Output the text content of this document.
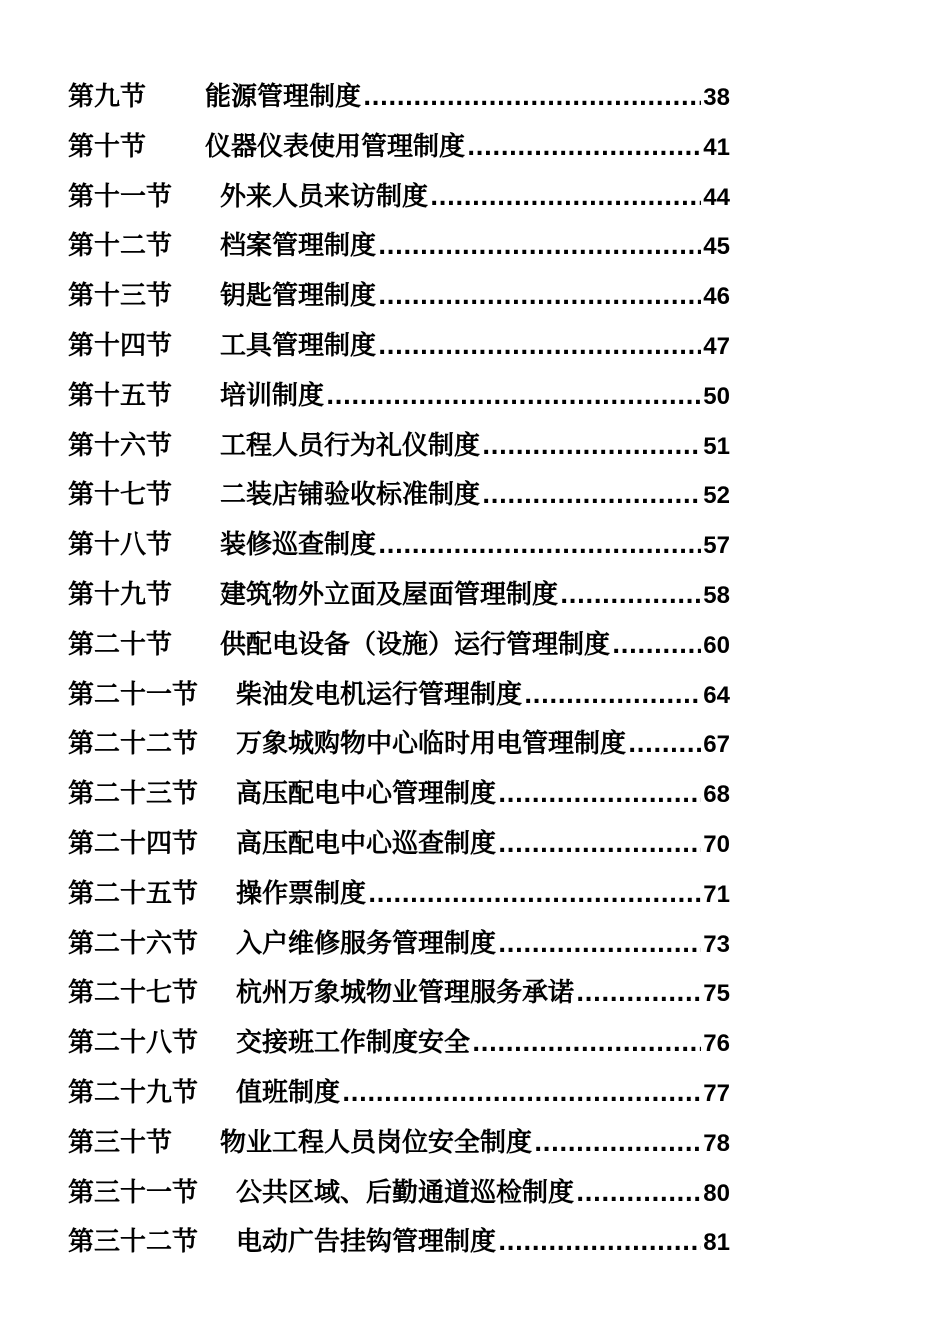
第九节	能源管理制度 .....	38
第十节	仪器仪表使用管理制度 .....	41
第十一节	外来人员来访制度 .....	44
第十二节	档案管理制度 .....	45
第十三节	钥匙管理制度 .....	46
第十四节	工具管理制度 .....	47
第十五节	培训制度 .....	50
第十六节	工程人员行为礼仪制度 .....	51
第十七节	二装店铺验收标准制度 .....	52
第十八节	装修巡查制度 .....	57
第十九节	建筑物外立面及屋面管理制度 .....	58
第二十节	供配电设备（设施）运行管理制度 .....	60
第二十一节	柴油发电机运行管理制度 .....	64
第二十二节	万象城购物中心临时用电管理制度 .....	67
第二十三节	高压配电中心管理制度 .....	68
第二十四节	高压配电中心巡查制度 .....	70
第二十五节	操作票制度 .....	71
第二十六节	入户维修服务管理制度 .....	73
第二十七节	杭州万象城物业管理服务承诺 .....	75
第二十八节	交接班工作制度安全 .....	76
第二十九节	值班制度 .....	77
第三十节	物业工程人员岗位安全制度 .....	78
第三十一节	公共区域、后勤通道巡检制度 .....	80
第三十二节	电动广告挂钩管理制度 .....	81
